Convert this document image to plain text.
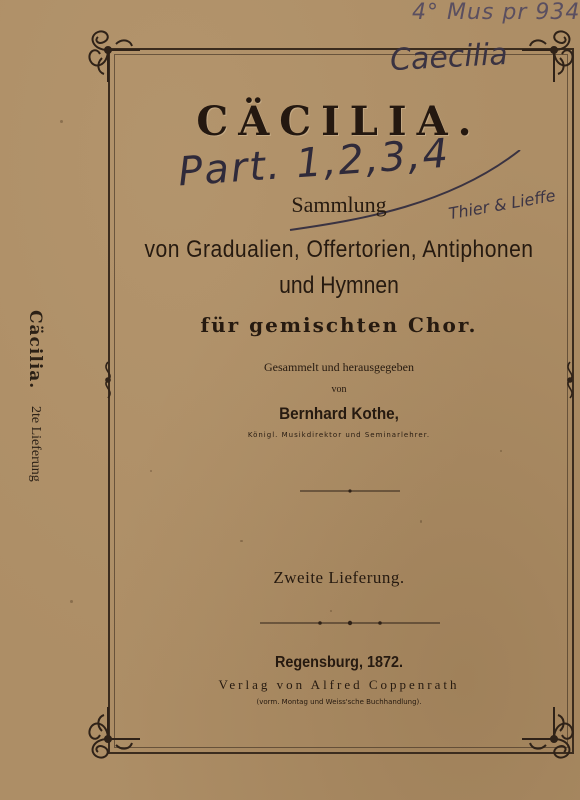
4° Mus pr 934
Caecilia
Cäcilia. 2te Lieferung
CÄCILIA.
Sammlung
Part. 1,2,3,4
Thier & Lieffe
von Gradualien, Offertorien, Antiphonen
und Hymnen
für gemischten Chor.
Gesammelt und herausgegeben
von
Bernhard Kothe,
Königl. Musikdirektor und Seminarlehrer.
Zweite Lieferung.
Regensburg, 1872.
Verlag von Alfred Coppenrath
(vorm. Montag und Weiss'sche Buchhandlung).
